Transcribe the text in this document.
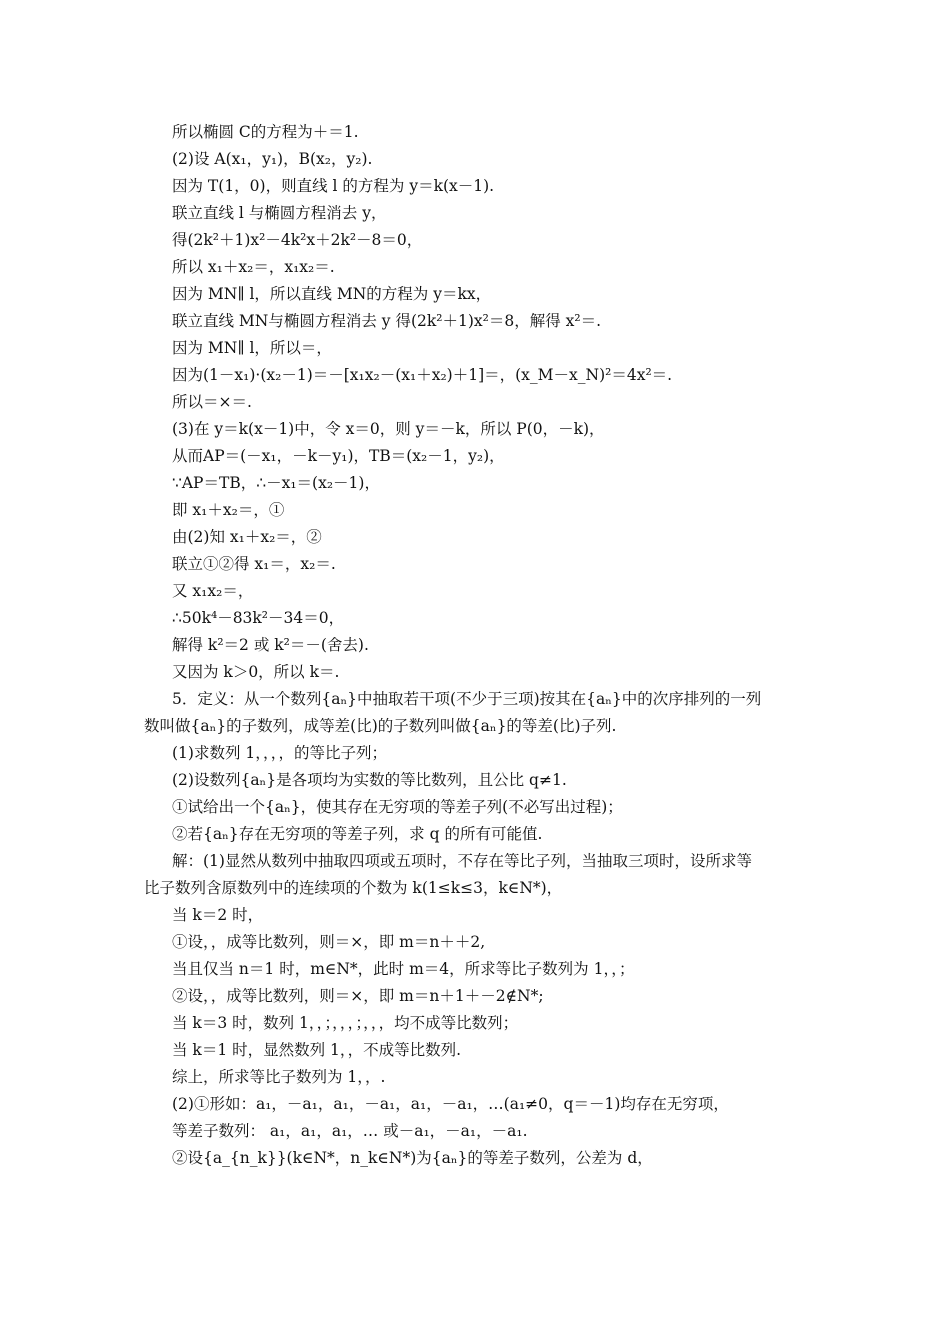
所以椭圆 C的方程为＋＝1.
(2)设 A(x₁，y₁)，B(x₂，y₂).
因为 T(1，0)，则直线 l 的方程为 y＝k(x－1).
联立直线 l 与椭圆方程消去 y，
得(2k²＋1)x²－4k²x＋2k²－8＝0，
所以 x₁＋x₂＝，x₁x₂＝.
因为 MN∥ l，所以直线 MN的方程为 y＝kx，
联立直线 MN与椭圆方程消去 y 得(2k²＋1)x²＝8，解得 x²＝.
因为 MN∥ l，所以＝，
因为(1－x₁)·(x₂－1)＝－[x₁x₂－(x₁＋x₂)＋1]＝，(x_M－x_N)²＝4x²＝.
所以＝×＝.
(3)在 y＝k(x－1)中，令 x＝0，则 y＝－k，所以 P(0，－k)，
从而AP＝(－x₁，－k－y₁)，TB＝(x₂－1，y₂)，
∵AP＝TB，∴－x₁＝(x₂－1)，
即 x₁＋x₂＝，①
由(2)知 x₁＋x₂＝，②
联立①②得 x₁＝，x₂＝.
又 x₁x₂＝，
∴50k⁴－83k²－34＝0，
解得 k²＝2 或 k²＝－(舍去).
又因为 k＞0，所以 k＝.
5．定义：从一个数列{aₙ}中抽取若干项(不少于三项)按其在{aₙ}中的次序排列的一列
数叫做{aₙ}的子数列，成等差(比)的子数列叫做{aₙ}的等差(比)子列.
(1)求数列 1，，，，的等比子列；
(2)设数列{aₙ}是各项均为实数的等比数列，且公比 q≠1.
①试给出一个{aₙ}，使其存在无穷项的等差子列(不必写出过程)；
②若{aₙ}存在无穷项的等差子列，求 q 的所有可能值.
解：(1)显然从数列中抽取四项或五项时，不存在等比子列，当抽取三项时，设所求等
比子数列含原数列中的连续项的个数为 k(1≤k≤3，k∈N*)，
当 k＝2 时，
①设，，成等比数列，则＝×，即 m＝n＋＋2,
当且仅当 n＝1 时，m∈N*，此时 m＝4，所求等比子数列为 1，，；
②设，，成等比数列，则＝×，即 m＝n＋1＋－2∉N*;
当 k＝3 时，数列 1，，；，，，；，，，均不成等比数列；
当 k＝1 时，显然数列 1，，不成等比数列.
综上，所求等比子数列为 1，，.
(2)①形如：a₁，－a₁，a₁，－a₁，a₁，－a₁，…(a₁≠0，q＝－1)均存在无穷项，
等差子数列： a₁，a₁，a₁，… 或－a₁，－a₁，－a₁.
②设{a_{n_k}}(k∈N*，n_k∈N*)为{aₙ}的等差子数列，公差为 d，
